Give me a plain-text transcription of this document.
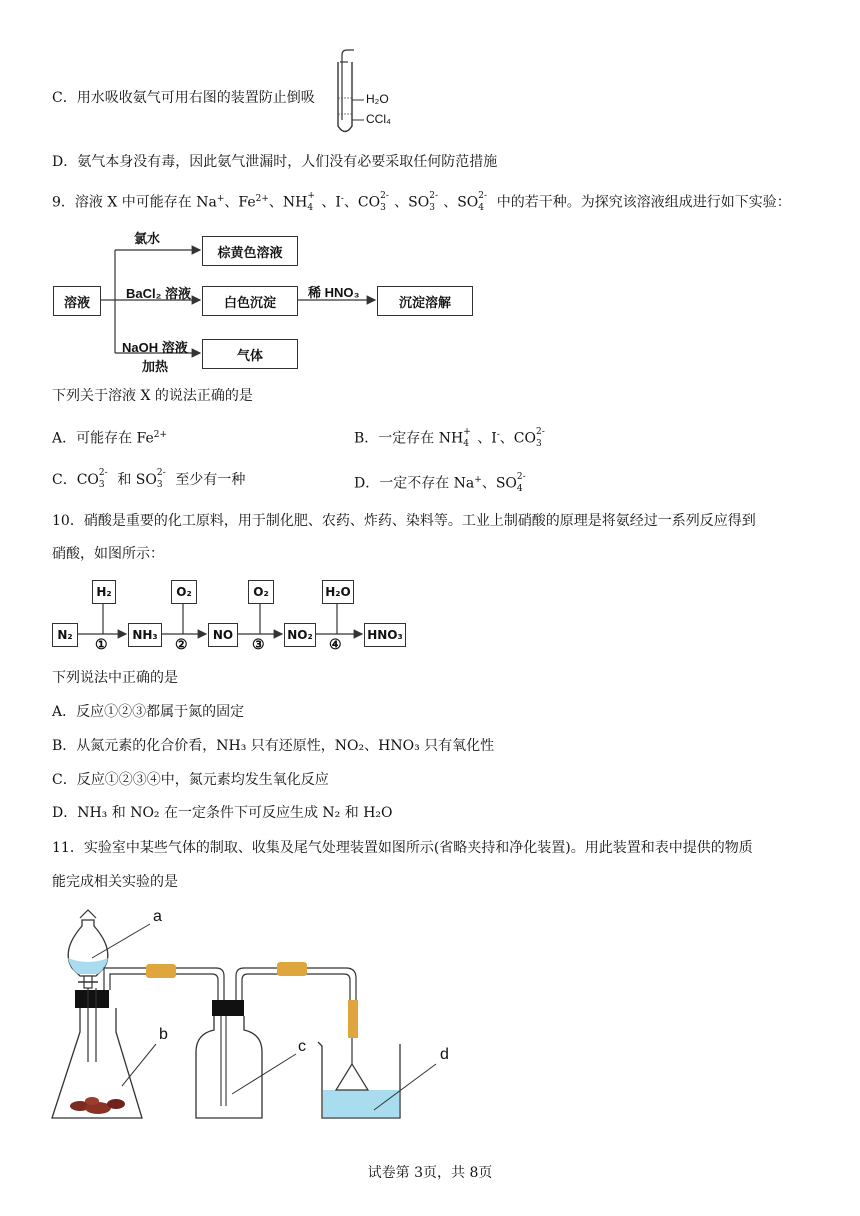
C．用水吸收氨气可用右图的装置防止倒吸	H₂O
CCl₄
D．氨气本身没有毒，因此氨气泄漏时，人们没有必要采取任何防范措施
9．溶液 X 中可能存在 Na+、$Fe^{2+}$、NH +
4 、I-、CO 2-
3 、SO 2-
3 、SO 2-
4 中的若干种。为探究该溶液组成进行如下实验：
溶液
氯水
棕黄色溶液
BaCl₂ 溶液
白色沉淀
稀 HNO₃
沉淀溶解
NaOH 溶液
加热
气体
下列关于溶液 X 的说法正确的是
A．可能存在 $Fe^{2+}$	B．一定存在 NH +
4 、I-、CO 2-
3
C．CO 2-
3 和 SO 2-
3 至少有一种	D．一定不存在 Na+、SO 2-
4
10．硝酸是重要的化工原料，用于制化肥、农药、炸药、染料等。工业上制硝酸的原理是将氨经过一系列反应得到
硝酸，如图所示：
N₂	NH₃	NO	NO₂	HNO₃
H₂	O₂	O₂	H₂O
①	②	③	④
下列说法中正确的是
A．反应①②③都属于氮的固定
B．从氮元素的化合价看，NH₃ 只有还原性，NO₂、HNO₃ 只有氧化性
C．反应①②③④中，氮元素均发生氧化反应
D．NH₃ 和 NO₂ 在一定条件下可反应生成 N₂ 和 H₂O
11．实验室中某些气体的制取、收集及尾气处理装置如图所示(省略夹持和净化装置)。用此装置和表中提供的物质
能完成相关实验的是
a
b
c	d
试卷第 3页，共 8页
